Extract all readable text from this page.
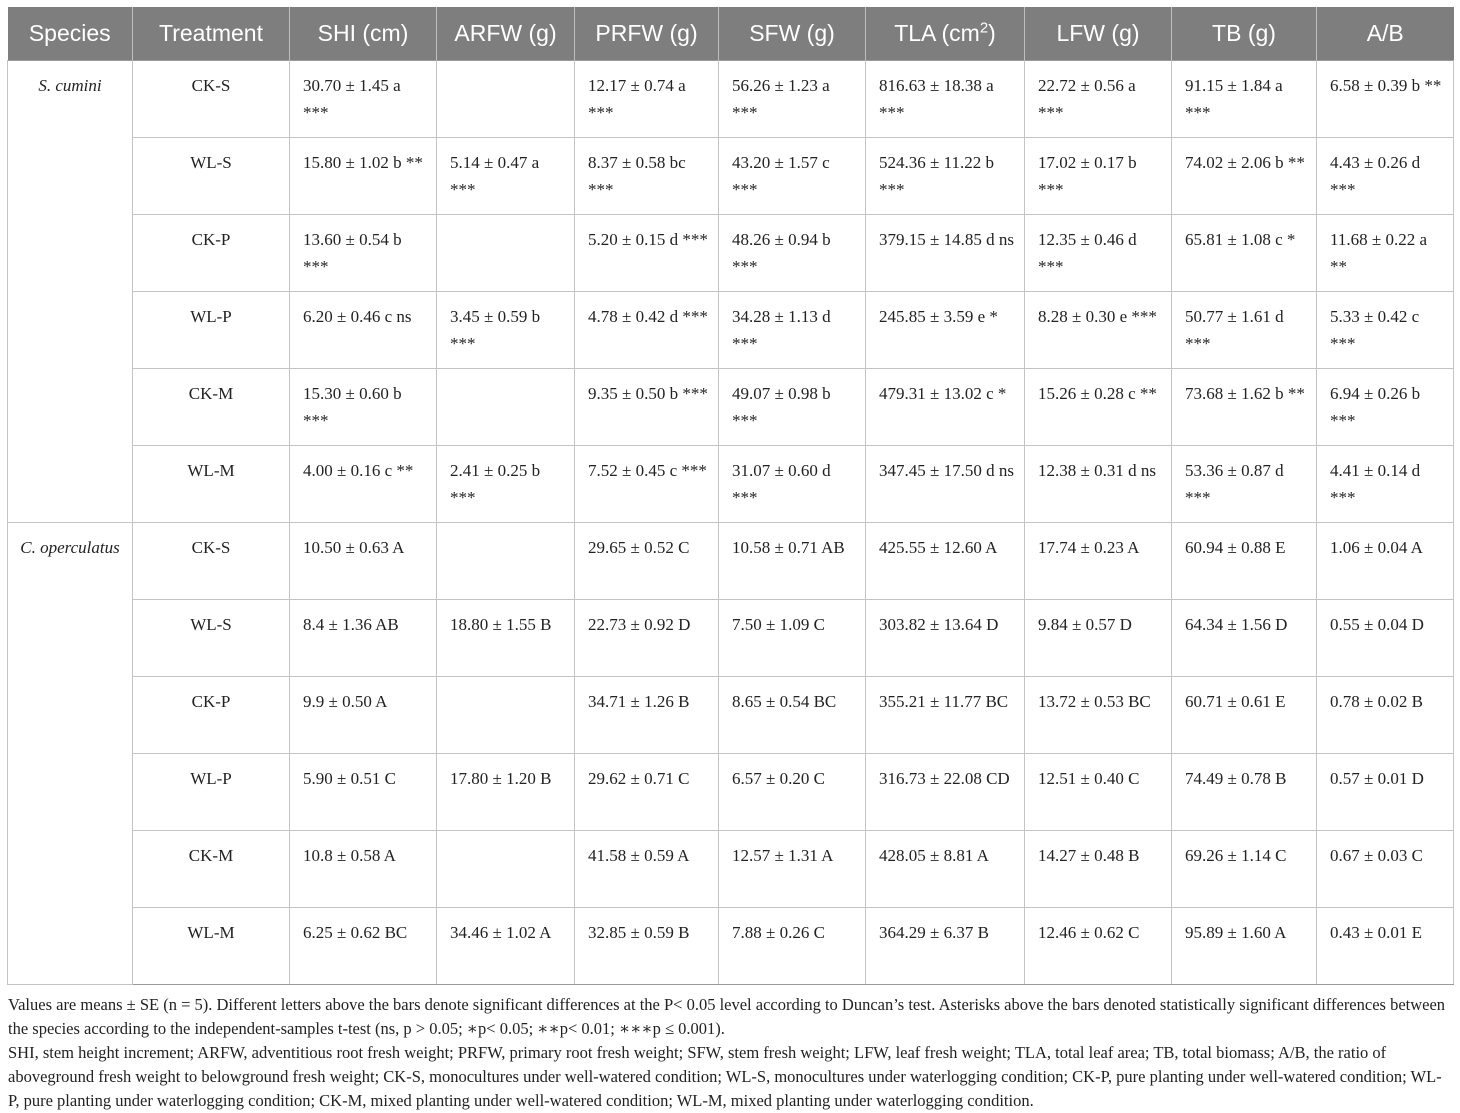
Species	Treatment	SHI (cm)	ARFW (g)	PRFW (g)	SFW (g)	TLA $(cm^2)$	LFW (g)	TB (g)	A/B
S. cumini	CK-S	30.70 ± 1.45 a ***		12.17 ± 0.74 a ***	56.26 ± 1.23 a ***	816.63 ± 18.38 a ***	22.72 ± 0.56 a ***	91.15 ± 1.84 a ***	6.58 ± 0.39 b **
	WL-S	15.80 ± 1.02 b **	5.14 ± 0.47 a ***	8.37 ± 0.58 bc ***	43.20 ± 1.57 c ***	524.36 ± 11.22 b ***	17.02 ± 0.17 b ***	74.02 ± 2.06 b **	4.43 ± 0.26 d ***
	CK-P	13.60 ± 0.54 b ***		5.20 ± 0.15 d ***	48.26 ± 0.94 b ***	379.15 ± 14.85 d ns	12.35 ± 0.46 d ***	65.81 ± 1.08 c *	11.68 ± 0.22 a **
	WL-P	6.20 ± 0.46 c ns	3.45 ± 0.59 b ***	4.78 ± 0.42 d ***	34.28 ± 1.13 d ***	245.85 ± 3.59 e *	8.28 ± 0.30 e ***	50.77 ± 1.61 d ***	5.33 ± 0.42 c ***
	CK-M	15.30 ± 0.60 b ***		9.35 ± 0.50 b ***	49.07 ± 0.98 b ***	479.31 ± 13.02 c *	15.26 ± 0.28 c **	73.68 ± 1.62 b **	6.94 ± 0.26 b ***
	WL-M	4.00 ± 0.16 c **	2.41 ± 0.25 b ***	7.52 ± 0.45 c ***	31.07 ± 0.60 d ***	347.45 ± 17.50 d ns	12.38 ± 0.31 d ns	53.36 ± 0.87 d ***	4.41 ± 0.14 d ***
C. operculatus	CK-S	10.50 ± 0.63 A		29.65 ± 0.52 C	10.58 ± 0.71 AB	425.55 ± 12.60 A	17.74 ± 0.23 A	60.94 ± 0.88 E	1.06 ± 0.04 A
	WL-S	8.4 ± 1.36 AB	18.80 ± 1.55 B	22.73 ± 0.92 D	7.50 ± 1.09 C	303.82 ± 13.64 D	9.84 ± 0.57 D	64.34 ± 1.56 D	0.55 ± 0.04 D
	CK-P	9.9 ± 0.50 A		34.71 ± 1.26 B	8.65 ± 0.54 BC	355.21 ± 11.77 BC	13.72 ± 0.53 BC	60.71 ± 0.61 E	0.78 ± 0.02 B
	WL-P	5.90 ± 0.51 C	17.80 ± 1.20 B	29.62 ± 0.71 C	6.57 ± 0.20 C	316.73 ± 22.08 CD	12.51 ± 0.40 C	74.49 ± 0.78 B	0.57 ± 0.01 D
	CK-M	10.8 ± 0.58 A		41.58 ± 0.59 A	12.57 ± 1.31 A	428.05 ± 8.81 A	14.27 ± 0.48 B	69.26 ± 1.14 C	0.67 ± 0.03 C
	WL-M	6.25 ± 0.62 BC	34.46 ± 1.02 A	32.85 ± 0.59 B	7.88 ± 0.26 C	364.29 ± 6.37 B	12.46 ± 0.62 C	95.89 ± 1.60 A	0.43 ± 0.01 E

Values are means ± SE (n = 5). Different letters above the bars denote significant differences at the P< 0.05 level according to Duncan’s test. Asterisks above the bars denoted statistically significant differences between the species according to the independent-samples t-test (ns, p > 0.05; ∗p< 0.05; ∗∗p< 0.01; ∗∗∗p ≤ 0.001).

SHI, stem height increment; ARFW, adventitious root fresh weight; PRFW, primary root fresh weight; SFW, stem fresh weight; LFW, leaf fresh weight; TLA, total leaf area; TB, total biomass; A/B, the ratio of aboveground fresh weight to belowground fresh weight; CK-S, monocultures under well-watered condition; WL-S, monocultures under waterlogging condition; CK-P, pure planting under well-watered condition; WL-P, pure planting under waterlogging condition; CK-M, mixed planting under well-watered condition; WL-M, mixed planting under waterlogging condition.
